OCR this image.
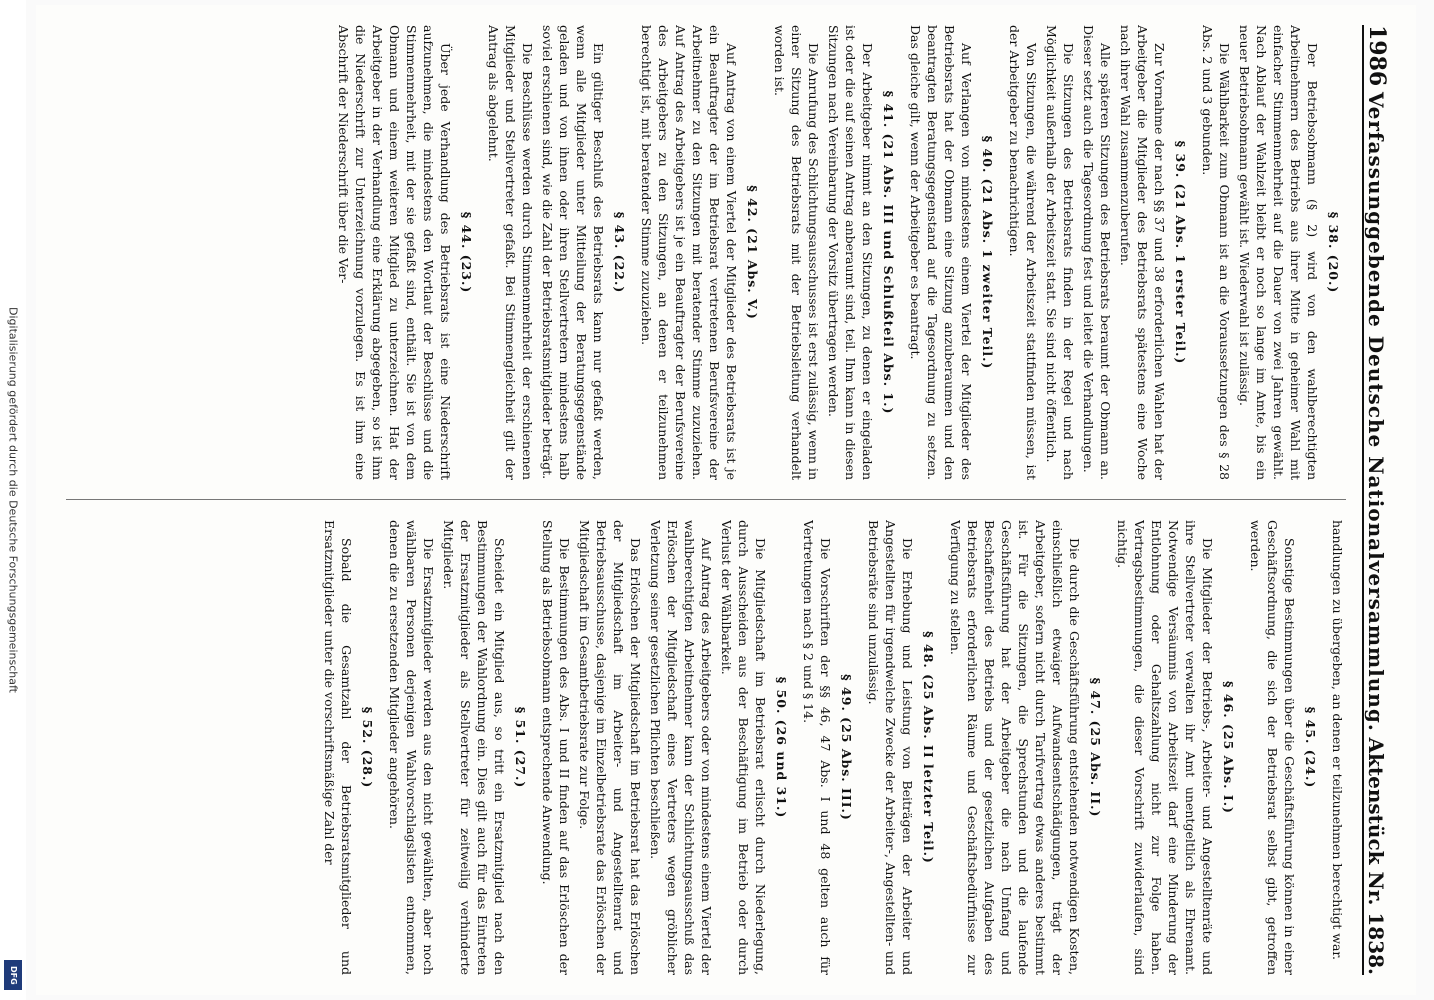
Digitalisierung gefördert durch die Deutsche Forschungsgemeinschaft
DFG
1986
Verfassunggebende Deutsche Nationalversammlung.
Aktenstück Nr. 1838.
§ 38. (20.)

Der Betriebsobmann (§ 2) wird von den wahlberechtigten Arbeitnehmern des Betriebs aus ihrer Mitte in geheimer Wahl mit einfacher Stimmenmehrheit auf die Dauer von zwei Jahren gewählt. Nach Ablauf der Wahlzeit bleibt er noch so lange im Amte, bis ein neuer Betriebsobmann gewählt ist. Wiederwahl ist zulässig.

Die Wählbarkeit zum Obmann ist an die Voraussetzungen des § 28 Abs. 2 und 3 gebunden.

§ 39. (21 Abs. 1 erster Teil.)

Zur Vornahme der nach §§ 37 und 38 erforderlichen Wahlen hat der Arbeitgeber die Mitglieder des Betriebsrats spätestens eine Woche nach ihrer Wahl zusammenzuberufen.

Alle späteren Sitzungen des Betriebsrats beraumt der Obmann an. Dieser setzt auch die Tagesordnung fest und leitet die Verhandlungen.

Die Sitzungen des Betriebsrats finden in der Regel und nach Möglichkeit außerhalb der Arbeitszeit statt. Sie sind nicht öffentlich.

Von Sitzungen, die während der Arbeitszeit stattfinden müssen, ist der Arbeitgeber zu benachrichtigen.

§ 40. (21 Abs. 1 zweiter Teil.)

Auf Verlangen von mindestens einem Viertel der Mitglieder des Betriebsrats hat der Obmann eine Sitzung anzuberaumen und den beantragten Beratungsgegenstand auf die Tagesordnung zu setzen. Das gleiche gilt, wenn der Arbeitgeber es beantragt.

§ 41. (21 Abs. III und Schlußteil Abs. 1.)

Der Arbeitgeber nimmt an den Sitzungen, zu denen er eingeladen ist oder die auf seinen Antrag anberaumt sind, teil. Ihm kann in diesen Sitzungen nach Vereinbarung der Vorsitz übertragen werden.

Die Anrufung des Schlichtungsausschusses ist erst zulässig, wenn in einer Sitzung des Betriebsrats mit der Betriebsleitung verhandelt worden ist.

§ 42. (21 Abs. V.)

Auf Antrag von einem Viertel der Mitglieder des Betriebsrats ist je ein Beauftragter der im Betriebsrat vertretenen Berufsvereine der Arbeitnehmer zu den Sitzungen mit beratender Stimme zuzuziehen. Auf Antrag des Arbeitgebers ist je ein Beauftragter der Berufsvereine des Arbeitgebers zu den Sitzungen, an denen er teilzunehmen berechtigt ist, mit beratender Stimme zuzuziehen.

§ 43. (22.)

Ein gültiger Beschluß des Betriebsrats kann nur gefaßt werden, wenn alle Mitglieder unter Mitteilung der Beratungsgegenstände geladen und von ihnen oder ihren Stellvertretern mindestens halb soviel erschienen sind, wie die Zahl der Betriebsratsmitglieder beträgt.

Die Beschlüsse werden durch Stimmenmehrheit der erschienenen Mitglieder und Stellvertreter gefaßt. Bei Stimmengleichheit gilt der Antrag als abgelehnt.

§ 44. (23.)

Über jede Verhandlung des Betriebsrats ist eine Niederschrift aufzunehmen, die mindestens den Wortlaut der Beschlüsse und die Stimmenmehrheit, mit der sie gefaßt sind, enthält. Sie ist von dem Obmann und einem weiteren Mitglied zu unterzeichnen. Hat der Arbeitgeber in der Verhandlung eine Erklärung abgegeben, so ist ihm die Niederschrift zur Unterzeichnung vorzulegen. Es ist ihm eine Abschrift der Niederschrift über die Ver-

handlungen zu übergeben, an denen er teilzunehmen berechtigt war.

§ 45. (24.)

Sonstige Bestimmungen über die Geschäftsführung können in einer Geschäftsordnung, die sich der Betriebsrat selbst gibt, getroffen werden.

§ 46. (25 Abs. I.)

Die Mitglieder der Betriebs-, Arbeiter- und Angestelltenräte und ihre Stellvertreter verwalten ihr Amt unentgeltlich als Ehrenamt. Notwendige Versäumnis von Arbeitszeit darf eine Minderung der Entlohnung oder Gehaltszahlung nicht zur Folge haben. Vertragsbestimmungen, die dieser Vorschrift zuwiderlaufen, sind nichtig.

§ 47. (25 Abs. II.)

Die durch die Geschäftsführung entstehenden notwendigen Kosten, einschließlich etwaiger Aufwandsentschädigungen, trägt der Arbeitgeber, sofern nicht durch Tarifvertrag etwas anderes bestimmt ist. Für die Sitzungen, die Sprechstunden und die laufende Geschäftsführung hat der Arbeitgeber die nach Umfang und Beschaffenheit des Betriebs und der gesetzlichen Aufgaben des Betriebsrats erforderlichen Räume und Geschäftsbedürfnisse zur Verfügung zu stellen.

§ 48. (25 Abs. II letzter Teil.)

Die Erhebung und Leistung von Beiträgen der Arbeiter und Angestellten für irgendwelche Zwecke der Arbeiter-, Angestellten- und Betriebsräte sind unzulässig.

§ 49. (25 Abs. III.)

Die Vorschriften der §§ 46, 47 Abs. I und 48 gelten auch für Vertretungen nach § 2 und § 14.

§ 50. (26 und 31.)

Die Mitgliedschaft im Betriebsrat erlischt durch Niederlegung, durch Ausscheiden aus der Beschäftigung im Betrieb oder durch Verlust der Wählbarkeit.

Auf Antrag des Arbeitgebers oder von mindestens einem Viertel der wahlberechtigten Arbeitnehmer kann der Schlichtungsausschuß das Erlöschen der Mitgliedschaft eines Vertreters wegen gröblicher Verletzung seiner gesetzlichen Pflichten beschließen.

Das Erlöschen der Mitgliedschaft im Betriebsrat hat das Erlöschen der Mitgliedschaft im Arbeiter- und Angestelltenrat und Betriebsausschusse, dasjenige im Einzelbetriebsrate das Erlöschen der Mitgliedschaft im Gesamtbetriebsrate zur Folge.

Die Bestimmungen des Abs. I und II finden auf das Erlöschen der Stellung als Betriebsobmann entsprechende Anwendung.

§ 51. (27.)

Scheidet ein Mitglied aus, so tritt ein Ersatzmitglied nach den Bestimmungen der Wahlordnung ein. Dies gilt auch für das Eintreten der Ersatzmitglieder als Stellvertreter für zeitweilig verhinderte Mitglieder.

Die Ersatzmitglieder werden aus den nicht gewählten, aber noch wählbaren Personen derjenigen Wahlvorschlagslisten entnommen, denen die zu ersetzenden Mitglieder angehören.

§ 52. (28.)

Sobald die Gesamtzahl der Betriebsratsmitglieder und Ersatzmitglieder unter die vorschriftsmäßige Zahl der
